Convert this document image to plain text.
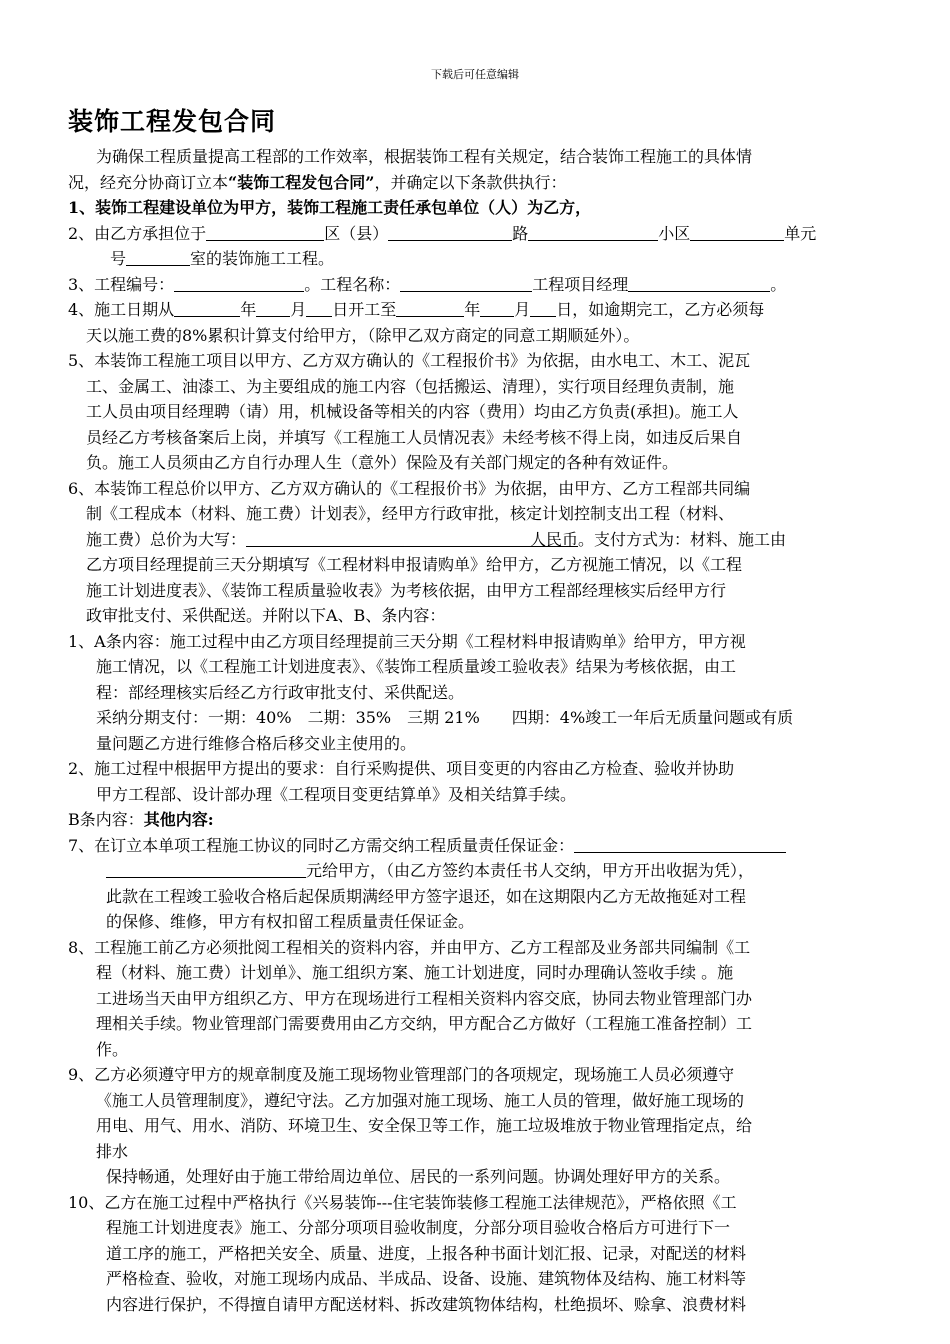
下载后可任意编辑
装饰工程发包合同
为确保工程质量提高工程部的工作效率，根据装饰工程有关规定，结合装饰工程施工的具体情
况，经充分协商订立本“装饰工程发包合同”，并确定以下条款供执行：
1、装饰工程建设单位为甲方，装饰工程施工责任承包单位（人）为乙方，
2、由乙方承担位于	区（县）	路	小区	单元
号	室的装饰施工工程。
3、工程编号：	。工程名称：	工程项目经理	。
4、施工日期从	年 月 日开工至	年 月 日，如逾期完工，乙方必须每
天以施工费的8%累积计算支付给甲方，（除甲乙双方商定的同意工期顺延外）。
5、本装饰工程施工项目以甲方、乙方双方确认的《工程报价书》为依据，由水电工、木工、泥瓦
工、金属工、油漆工、为主要组成的施工内容（包括搬运、清理），实行项目经理负责制，施
工人员由项目经理聘（请）用，机械设备等相关的内容（费用）均由乙方负责(承担)。施工人
员经乙方考核备案后上岗，并填写《工程施工人员情况表》未经考核不得上岗，如违反后果自
负。施工人员须由乙方自行办理人生（意外）保险及有关部门规定的各种有效证件。
6、本装饰工程总价以甲方、乙方双方确认的《工程报价书》为依据，由甲方、乙方工程部共同编
制《工程成本（材料、施工费）计划表》，经甲方行政审批，核定计划控制支出工程（材料、
施工费）总价为大写：	人民币。支付方式为：材料、施工由
乙方项目经理提前三天分期填写《工程材料申报请购单》给甲方，乙方视施工情况，以《工程
施工计划进度表》、《装饰工程质量验收表》为考核依据，由甲方工程部经理核实后经甲方行
政审批支付、采供配送。并附以下A、B、条内容：
1、A条内容：施工过程中由乙方项目经理提前三天分期《工程材料申报请购单》给甲方，甲方视
施工情况，以《工程施工计划进度表》、《装饰工程质量竣工验收表》结果为考核依据，由工
程：部经理核实后经乙方行政审批支付、采供配送。
采纳分期支付：一期：40%　二期：35%　三期 21%　　四期：4%竣工一年后无质量问题或有质
量问题乙方进行维修合格后移交业主使用的。
2、施工过程中根据甲方提出的要求：自行采购提供、项目变更的内容由乙方检查、验收并协助
甲方工程部、设计部办理《工程项目变更结算单》及相关结算手续。
B条内容：其他内容:
7、在订立本单项工程施工协议的同时乙方需交纳工程质量责任保证金：
元给甲方，（由乙方签约本责任书人交纳，甲方开出收据为凭），
此款在工程竣工验收合格后起保质期满经甲方签字退还，如在这期限内乙方无故拖延对工程
的保修、维修，甲方有权扣留工程质量责任保证金。
8、工程施工前乙方必须批阅工程相关的资料内容，并由甲方、乙方工程部及业务部共同编制《工
程（材料、施工费）计划单》、施工组织方案、施工计划进度，同时办理确认签收手续 。施
工进场当天由甲方组织乙方、甲方在现场进行工程相关资料内容交底，协同去物业管理部门办
理相关手续。物业管理部门需要费用由乙方交纳，甲方配合乙方做好（工程施工准备控制）工
作。
9、乙方必须遵守甲方的规章制度及施工现场物业管理部门的各项规定，现场施工人员必须遵守
《施工人员管理制度》，遵纪守法。乙方加强对施工现场、施工人员的管理，做好施工现场的
用电、用气、用水、消防、环境卫生、安全保卫等工作，施工垃圾堆放于物业管理指定点，给
排水
保持畅通，处理好由于施工带给周边单位、居民的一系列问题。协调处理好甲方的关系。
10、乙方在施工过程中严格执行《兴易装饰---住宅装饰装修工程施工法律规范》，严格依照《工
程施工计划进度表》施工、分部分项项目验收制度，分部分项目验收合格后方可进行下一
道工序的施工，严格把关安全、质量、进度，上报各种书面计划汇报、记录，对配送的材料
严格检查、验收，对施工现场内成品、半成品、设备、设施、建筑物体及结构、施工材料等
内容进行保护，不得擅自请甲方配送材料、拆改建筑物体结构，杜绝损坏、赊拿、浪费材料
